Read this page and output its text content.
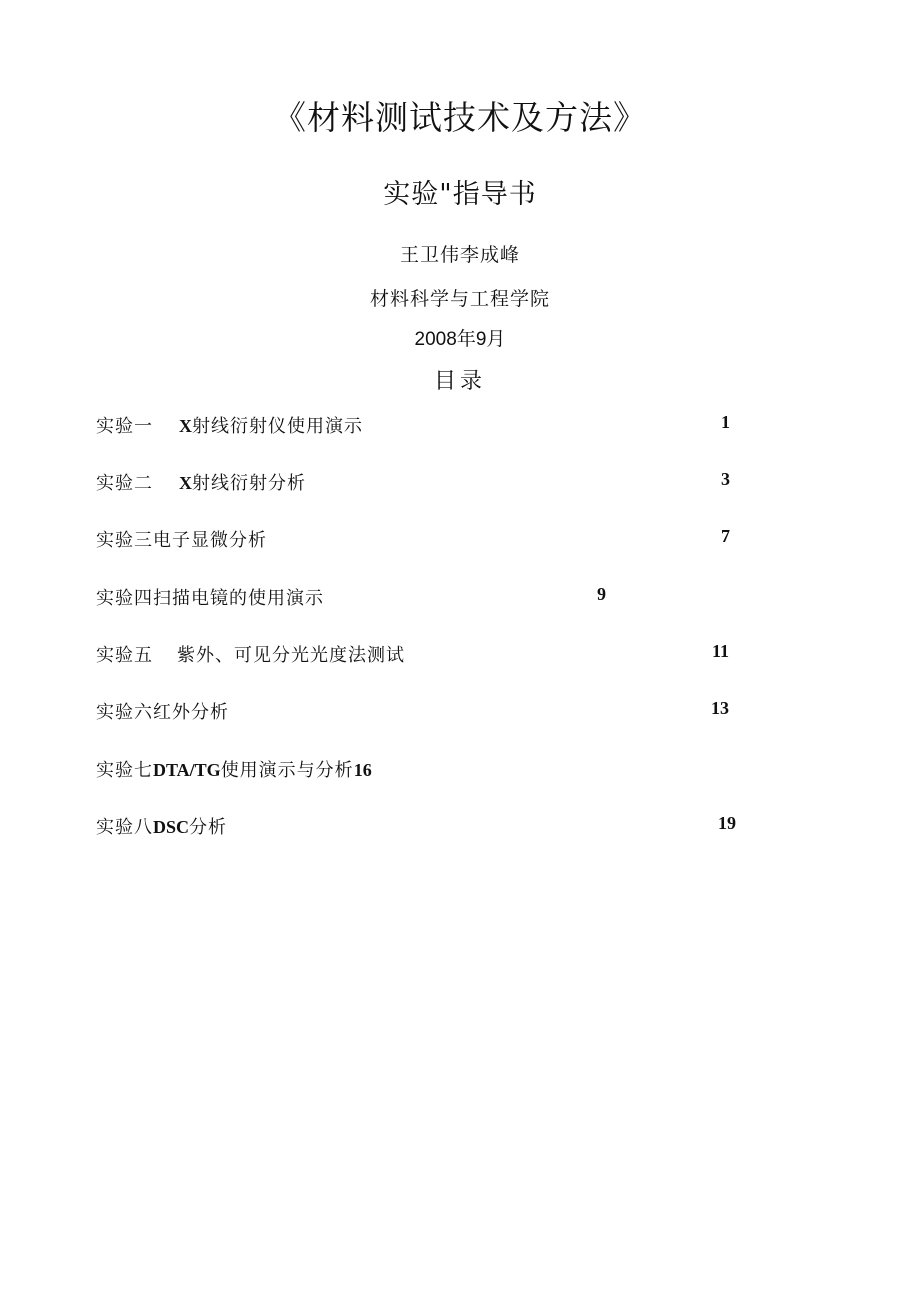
《材料测试技术及方法》
实验"指导书
王卫伟李成峰
材料科学与工程学院
2008年9月
目录
实验一 X射线衍射仪使用演示	1
实验二 X射线衍射分析	3
实验三电子显微分析	7
实验四扫描电镜的使用演示	9
实验五 紫外、可见分光光度法测试	11
实验六红外分析	13
实验七DTA/TG使用演示与分析16
实验八DSC分析	19
